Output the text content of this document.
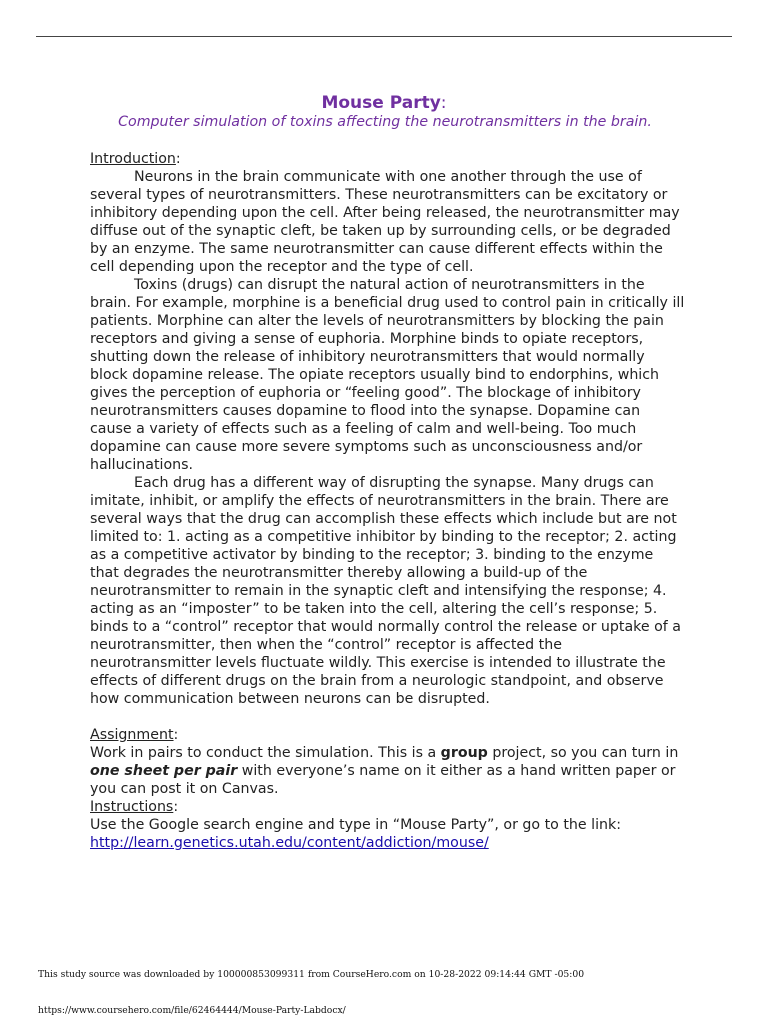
Mouse Party:
Computer simulation of toxins affecting the neurotransmitters in the brain.

Introduction:

Neurons in the brain communicate with one another through the use of several types of neurotransmitters. These neurotransmitters can be excitatory or inhibitory depending upon the cell. After being released, the neurotransmitter may diffuse out of the synaptic cleft, be taken up by surrounding cells, or be degraded by an enzyme. The same neurotransmitter can cause different effects within the cell depending upon the receptor and the type of cell.

Toxins (drugs) can disrupt the natural action of neurotransmitters in the brain. For example, morphine is a beneficial drug used to control pain in critically ill patients. Morphine can alter the levels of neurotransmitters by blocking the pain receptors and giving a sense of euphoria. Morphine binds to opiate receptors, shutting down the release of inhibitory neurotransmitters that would normally block dopamine release. The opiate receptors usually bind to endorphins, which gives the perception of euphoria or “feeling good”. The blockage of inhibitory neurotransmitters causes dopamine to flood into the synapse. Dopamine can cause a variety of effects such as a feeling of calm and well-being. Too much dopamine can cause more severe symptoms such as unconsciousness and/or hallucinations.

Each drug has a different way of disrupting the synapse. Many drugs can imitate, inhibit, or amplify the effects of neurotransmitters in the brain. There are several ways that the drug can accomplish these effects which include but are not limited to: 1. acting as a competitive inhibitor by binding to the receptor; 2. acting as a competitive activator by binding to the receptor; 3. binding to the enzyme that degrades the neurotransmitter thereby allowing a build-up of the neurotransmitter to remain in the synaptic cleft and intensifying the response; 4. acting as an “imposter” to be taken into the cell, altering the cell’s response; 5. binds to a “control” receptor that would normally control the release or uptake of a neurotransmitter, then when the “control” receptor is affected the neurotransmitter levels fluctuate wildly. This exercise is intended to illustrate the effects of different drugs on the brain from a neurologic standpoint, and observe how communication between neurons can be disrupted.

Assignment:

Work in pairs to conduct the simulation. This is a group project, so you can turn in one sheet per pair with everyone’s name on it either as a hand written paper or you can post it on Canvas.

Instructions:

Use the Google search engine and type in “Mouse Party”, or go to the link:

http://learn.genetics.utah.edu/content/addiction/mouse/

This study source was downloaded by 100000853099311 from CourseHero.com on 10-28-2022 09:14:44 GMT -05:00
https://www.coursehero.com/file/62464444/Mouse-Party-Labdocx/
